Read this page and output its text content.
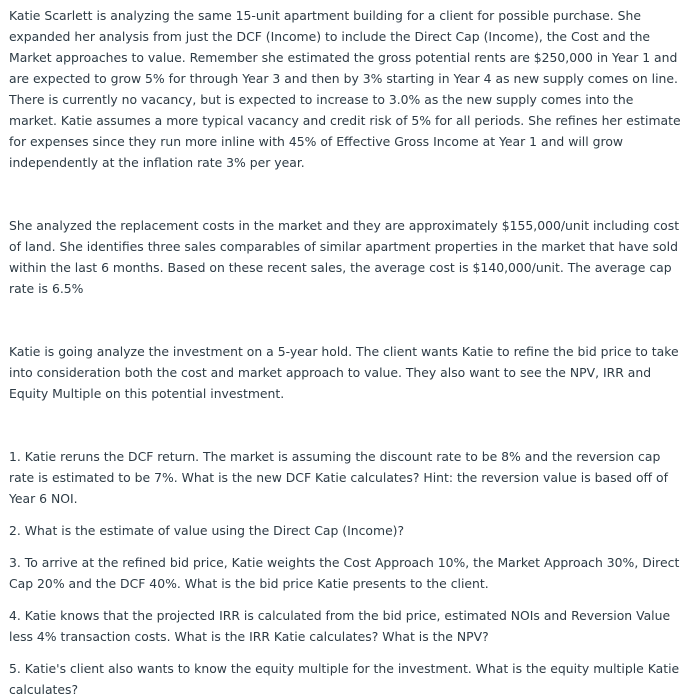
Katie Scarlett is analyzing the same 15-unit apartment building for a client for possible purchase. She expanded her analysis from just the DCF (Income) to include the Direct Cap (Income), the Cost and the Market approaches to value. Remember she estimated the gross potential rents are $250,000 in Year 1 and are expected to grow 5% for through Year 3 and then by 3% starting in Year 4 as new supply comes on line. There is currently no vacancy, but is expected to increase to 3.0% as the new supply comes into the market. Katie assumes a more typical vacancy and credit risk of 5% for all periods. She refines her estimate for expenses since they run more inline with 45% of Effective Gross Income at Year 1 and will grow independently at the inflation rate 3% per year.

She analyzed the replacement costs in the market and they are approximately $155,000/unit including cost of land. She identifies three sales comparables of similar apartment properties in the market that have sold within the last 6 months. Based on these recent sales, the average cost is $140,000/unit. The average cap rate is 6.5%

Katie is going analyze the investment on a 5-year hold. The client wants Katie to refine the bid price to take into consideration both the cost and market approach to value. They also want to see the NPV, IRR and Equity Multiple on this potential investment.

1. Katie reruns the DCF return. The market is assuming the discount rate to be 8% and the reversion cap rate is estimated to be 7%. What is the new DCF Katie calculates? Hint: the reversion value is based off of Year 6 NOI.

2. What is the estimate of value using the Direct Cap (Income)?

3. To arrive at the refined bid price, Katie weights the Cost Approach 10%, the Market Approach 30%, Direct Cap 20% and the DCF 40%. What is the bid price Katie presents to the client.

4. Katie knows that the projected IRR is calculated from the bid price, estimated NOIs and Reversion Value less 4% transaction costs. What is the IRR Katie calculates? What is the NPV?

5. Katie's client also wants to know the equity multiple for the investment. What is the equity multiple Katie calculates?
